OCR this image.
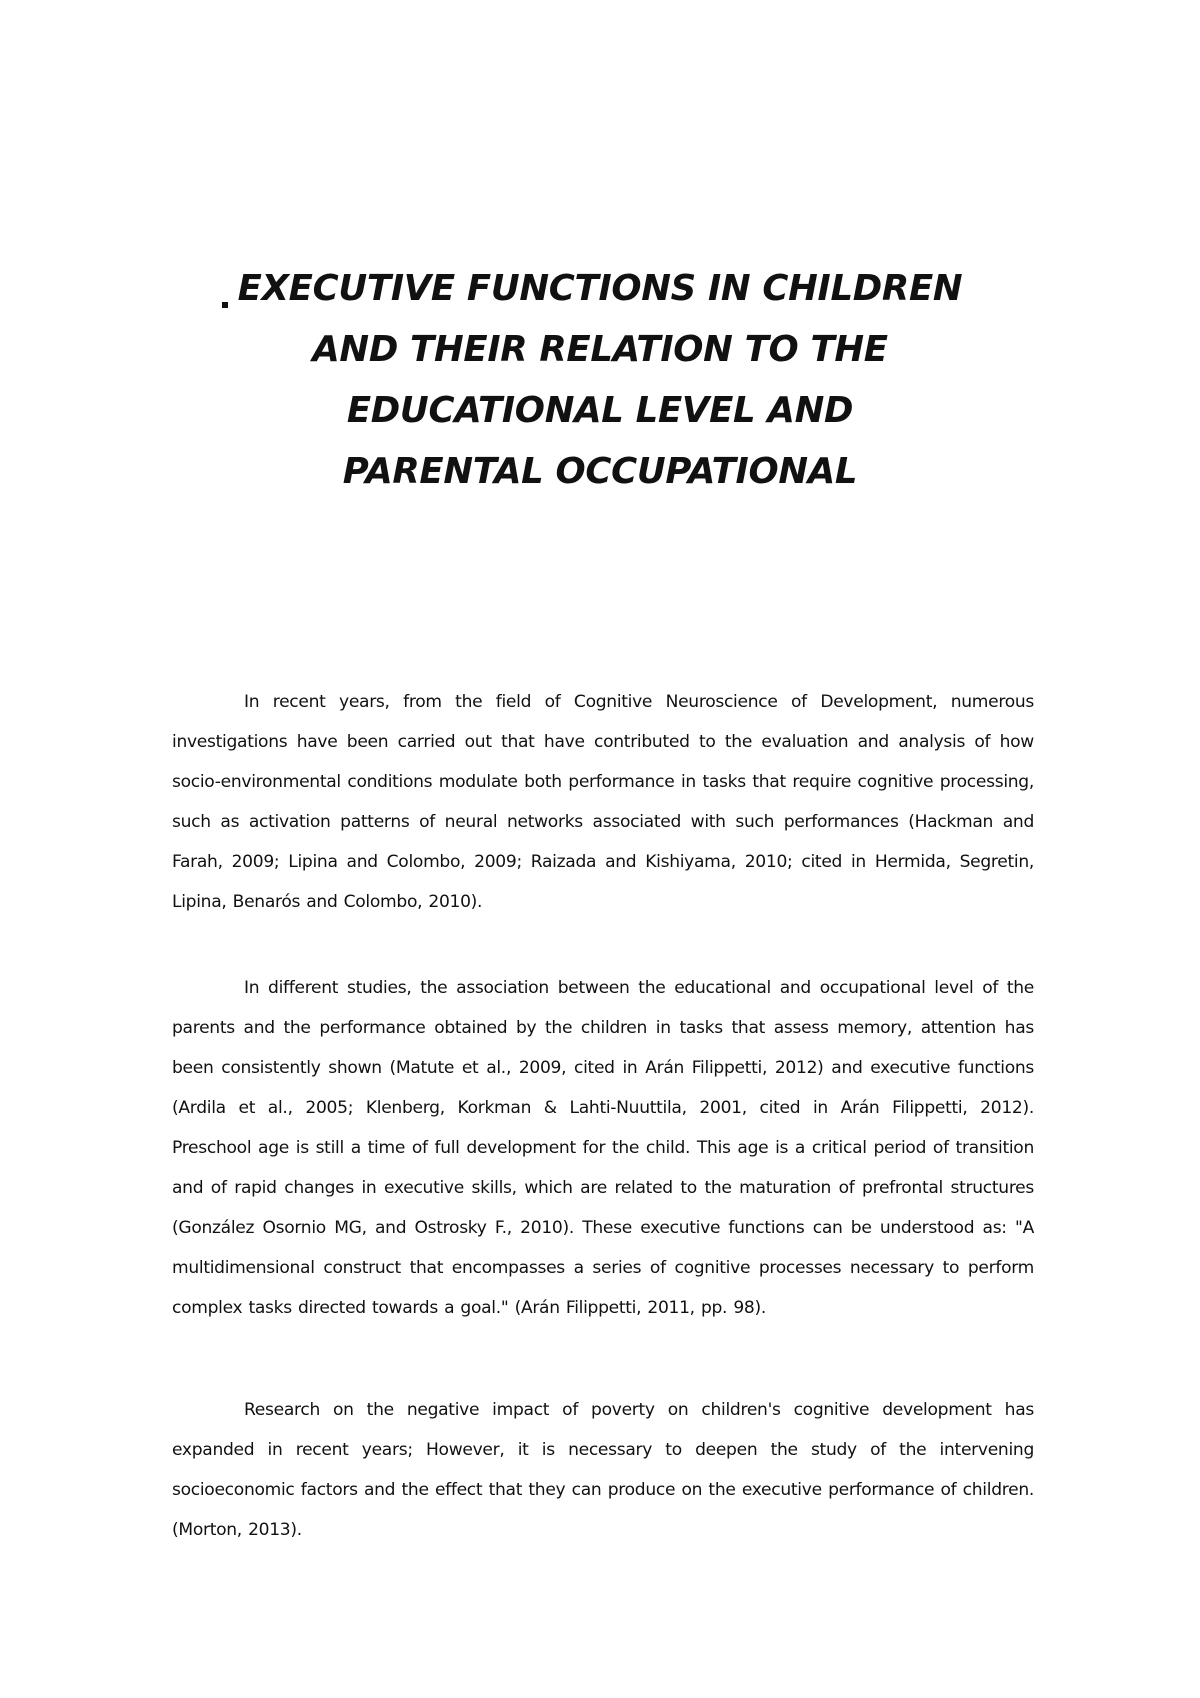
EXECUTIVE FUNCTIONS IN CHILDREN
AND THEIR RELATION TO THE
EDUCATIONAL LEVEL AND
PARENTAL OCCUPATIONAL

In recent years, from the field of Cognitive Neuroscience of Development, numerous investigations have been carried out that have contributed to the evaluation and analysis of how socio-environmental conditions modulate both performance in tasks that require cognitive processing, such as activation patterns of neural networks associated with such performances (Hackman and Farah, 2009; Lipina and Colombo, 2009; Raizada and Kishiyama, 2010; cited in Hermida, Segretin, Lipina, Benarós and Colombo, 2010).

In different studies, the association between the educational and occupational level of the parents and the performance obtained by the children in tasks that assess memory, attention has been consistently shown (Matute et al., 2009, cited in Arán Filippetti, 2012) and executive functions (Ardila et al., 2005; Klenberg, Korkman & Lahti-Nuuttila, 2001, cited in Arán Filippetti, 2012). Preschool age is still a time of full development for the child. This age is a critical period of transition and of rapid changes in executive skills, which are related to the maturation of prefrontal structures (González Osornio MG, and Ostrosky F., 2010). These executive functions can be understood as: "A multidimensional construct that encompasses a series of cognitive processes necessary to perform complex tasks directed towards a goal." (Arán Filippetti, 2011, pp. 98).

Research on the negative impact of poverty on children's cognitive development has expanded in recent years; However, it is necessary to deepen the study of the intervening socioeconomic factors and the effect that they can produce on the executive performance of children. (Morton, 2013).
